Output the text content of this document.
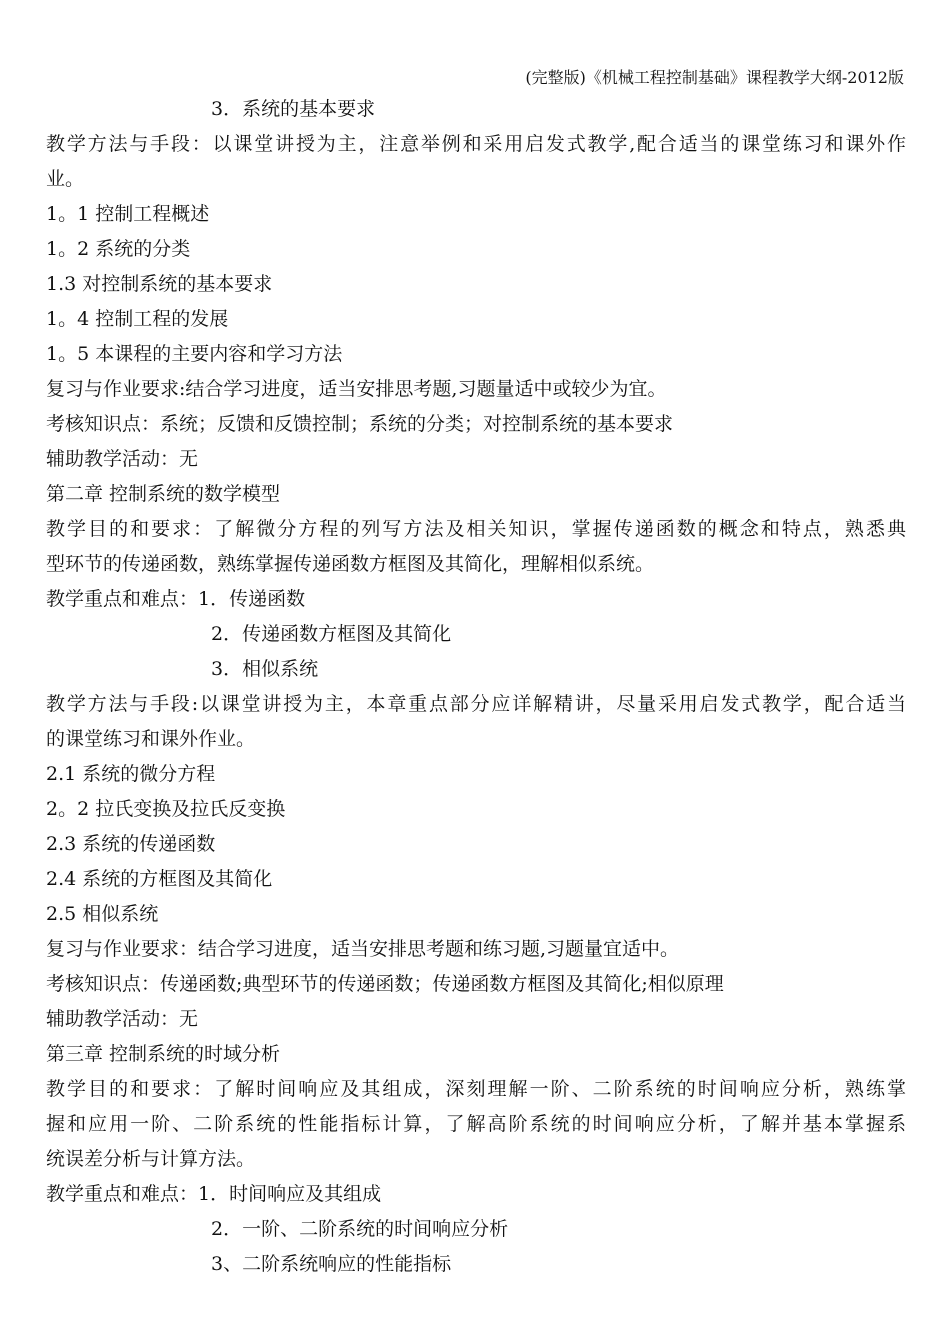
(完整版)《机械工程控制基础》课程教学大纲-2012版
3．系统的基本要求
教学方法与手段：以课堂讲授为主，注意举例和采用启发式教学,配合适当的课堂练习和课外作
业。
1。1 控制工程概述
1。2 系统的分类
1.3 对控制系统的基本要求
1。4 控制工程的发展
1。5 本课程的主要内容和学习方法
复习与作业要求:结合学习进度，适当安排思考题,习题量适中或较少为宜。
考核知识点：系统；反馈和反馈控制；系统的分类；对控制系统的基本要求
辅助教学活动：无
第二章 控制系统的数学模型
教学目的和要求：了解微分方程的列写方法及相关知识，掌握传递函数的概念和特点，熟悉典
型环节的传递函数，熟练掌握传递函数方框图及其简化，理解相似系统。
教学重点和难点：1．传递函数
2．传递函数方框图及其简化
3．相似系统
教学方法与手段:以课堂讲授为主，本章重点部分应详解精讲，尽量采用启发式教学，配合适当
的课堂练习和课外作业。
2.1 系统的微分方程
2。2 拉氏变换及拉氏反变换
2.3 系统的传递函数
2.4 系统的方框图及其简化
2.5 相似系统
复习与作业要求：结合学习进度，适当安排思考题和练习题,习题量宜适中。
考核知识点：传递函数;典型环节的传递函数；传递函数方框图及其简化;相似原理
辅助教学活动：无
第三章 控制系统的时域分析
教学目的和要求：了解时间响应及其组成，深刻理解一阶、二阶系统的时间响应分析，熟练掌
握和应用一阶、二阶系统的性能指标计算，了解高阶系统的时间响应分析，了解并基本掌握系
统误差分析与计算方法。
教学重点和难点：1．时间响应及其组成
2．一阶、二阶系统的时间响应分析
3、二阶系统响应的性能指标
